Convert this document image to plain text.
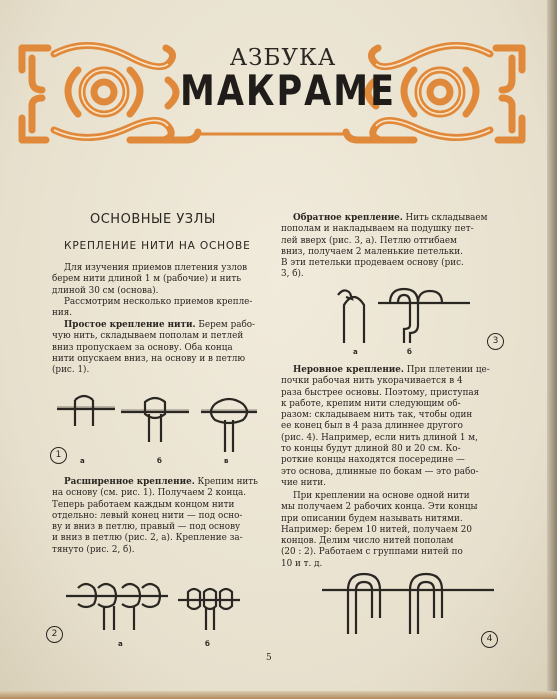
АЗБУКА
МАКРАМЕ
ОСНОВНЫЕ УЗЛЫ
КРЕПЛЕНИЕ НИТИ НА ОСНОВЕ

Для изучения приемов плетения узлов

берем нити длиной 1 м (рабочие) и нить
длиной 30 см (основа).

Рассмотрим несколько приемов крепле-

ния.

Простое крепление нити. Берем рабо-

чую нить, складываем пополам и петлей
вниз пропускаем за основу. Оба конца
нити опускаем вниз, на основу и в петлю
(рис. 1).
1
а	б	в

Расширенное крепление. Крепим нить

на основу (см. рис. 1). Получаем 2 конца.
Теперь работаем каждым концом нити
отдельно: левый конец нити — под осно-
ву и вниз в петлю, правый — под основу
и вниз в петлю (рис. 2, а). Крепление за-
тянуто (рис. 2, б).
2
а	б

Обратное крепление. Нить складываем

пополам и накладываем на подушку пет-
лей вверх (рис. 3, а). Петлю отгибаем
вниз, получаем 2 маленькие петельки.
В эти петельки продеваем основу (рис.
3, б).
а	б
3

Неровное крепление. При плетении це-

почки рабочая нить укорачивается в 4
раза быстрее основы. Поэтому, приступая
к работе, крепим нити следующим об-
разом: складываем нить так, чтобы один
ее конец был в 4 раза длиннее другого
(рис. 4). Например, если нить длиной 1 м,
то концы будут длиной 80 и 20 см. Ко-
роткие концы находятся посередине —
это основа, длинные по бокам — это рабо-
чие нити.

При креплении на основе одной нити

мы получаем 2 рабочих конца. Эти концы
при описании будем называть нитями.
Например: берем 10 нитей, получаем 20
концов. Делим число нитей пополам
(20 : 2). Работаем с группами нитей по
10 и т. д.
4
5
